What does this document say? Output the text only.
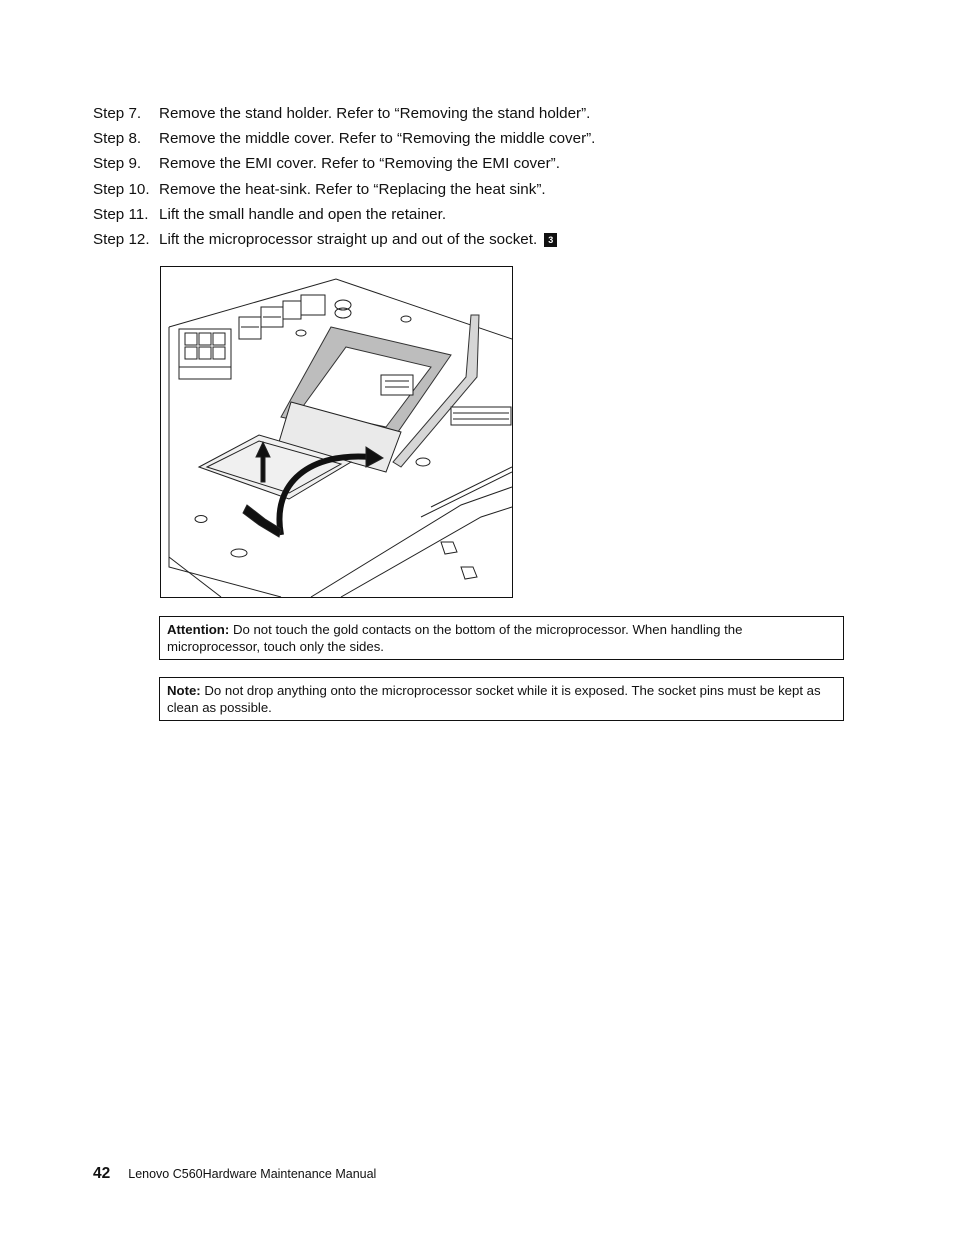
Step 7.	Remove the stand holder. Refer to “Removing the stand holder”.
Step 8.	Remove the middle cover. Refer to “Removing the middle cover”.
Step 9.	Remove the EMI cover. Refer to “Removing the EMI cover”.
Step 10. Remove the heat-sink. Refer to “Replacing the heat sink”.
Step 11. Lift the small handle and open the retainer.
Step 12. Lift the microprocessor straight up and out of the socket.	3
Attention: Do not touch the gold contacts on the bottom of the microprocessor. When handling the microprocessor, touch only the sides.
Note: Do not drop anything onto the microprocessor socket while it is exposed. The socket pins must be kept as clean as possible.
42 Lenovo C560Hardware Maintenance Manual
